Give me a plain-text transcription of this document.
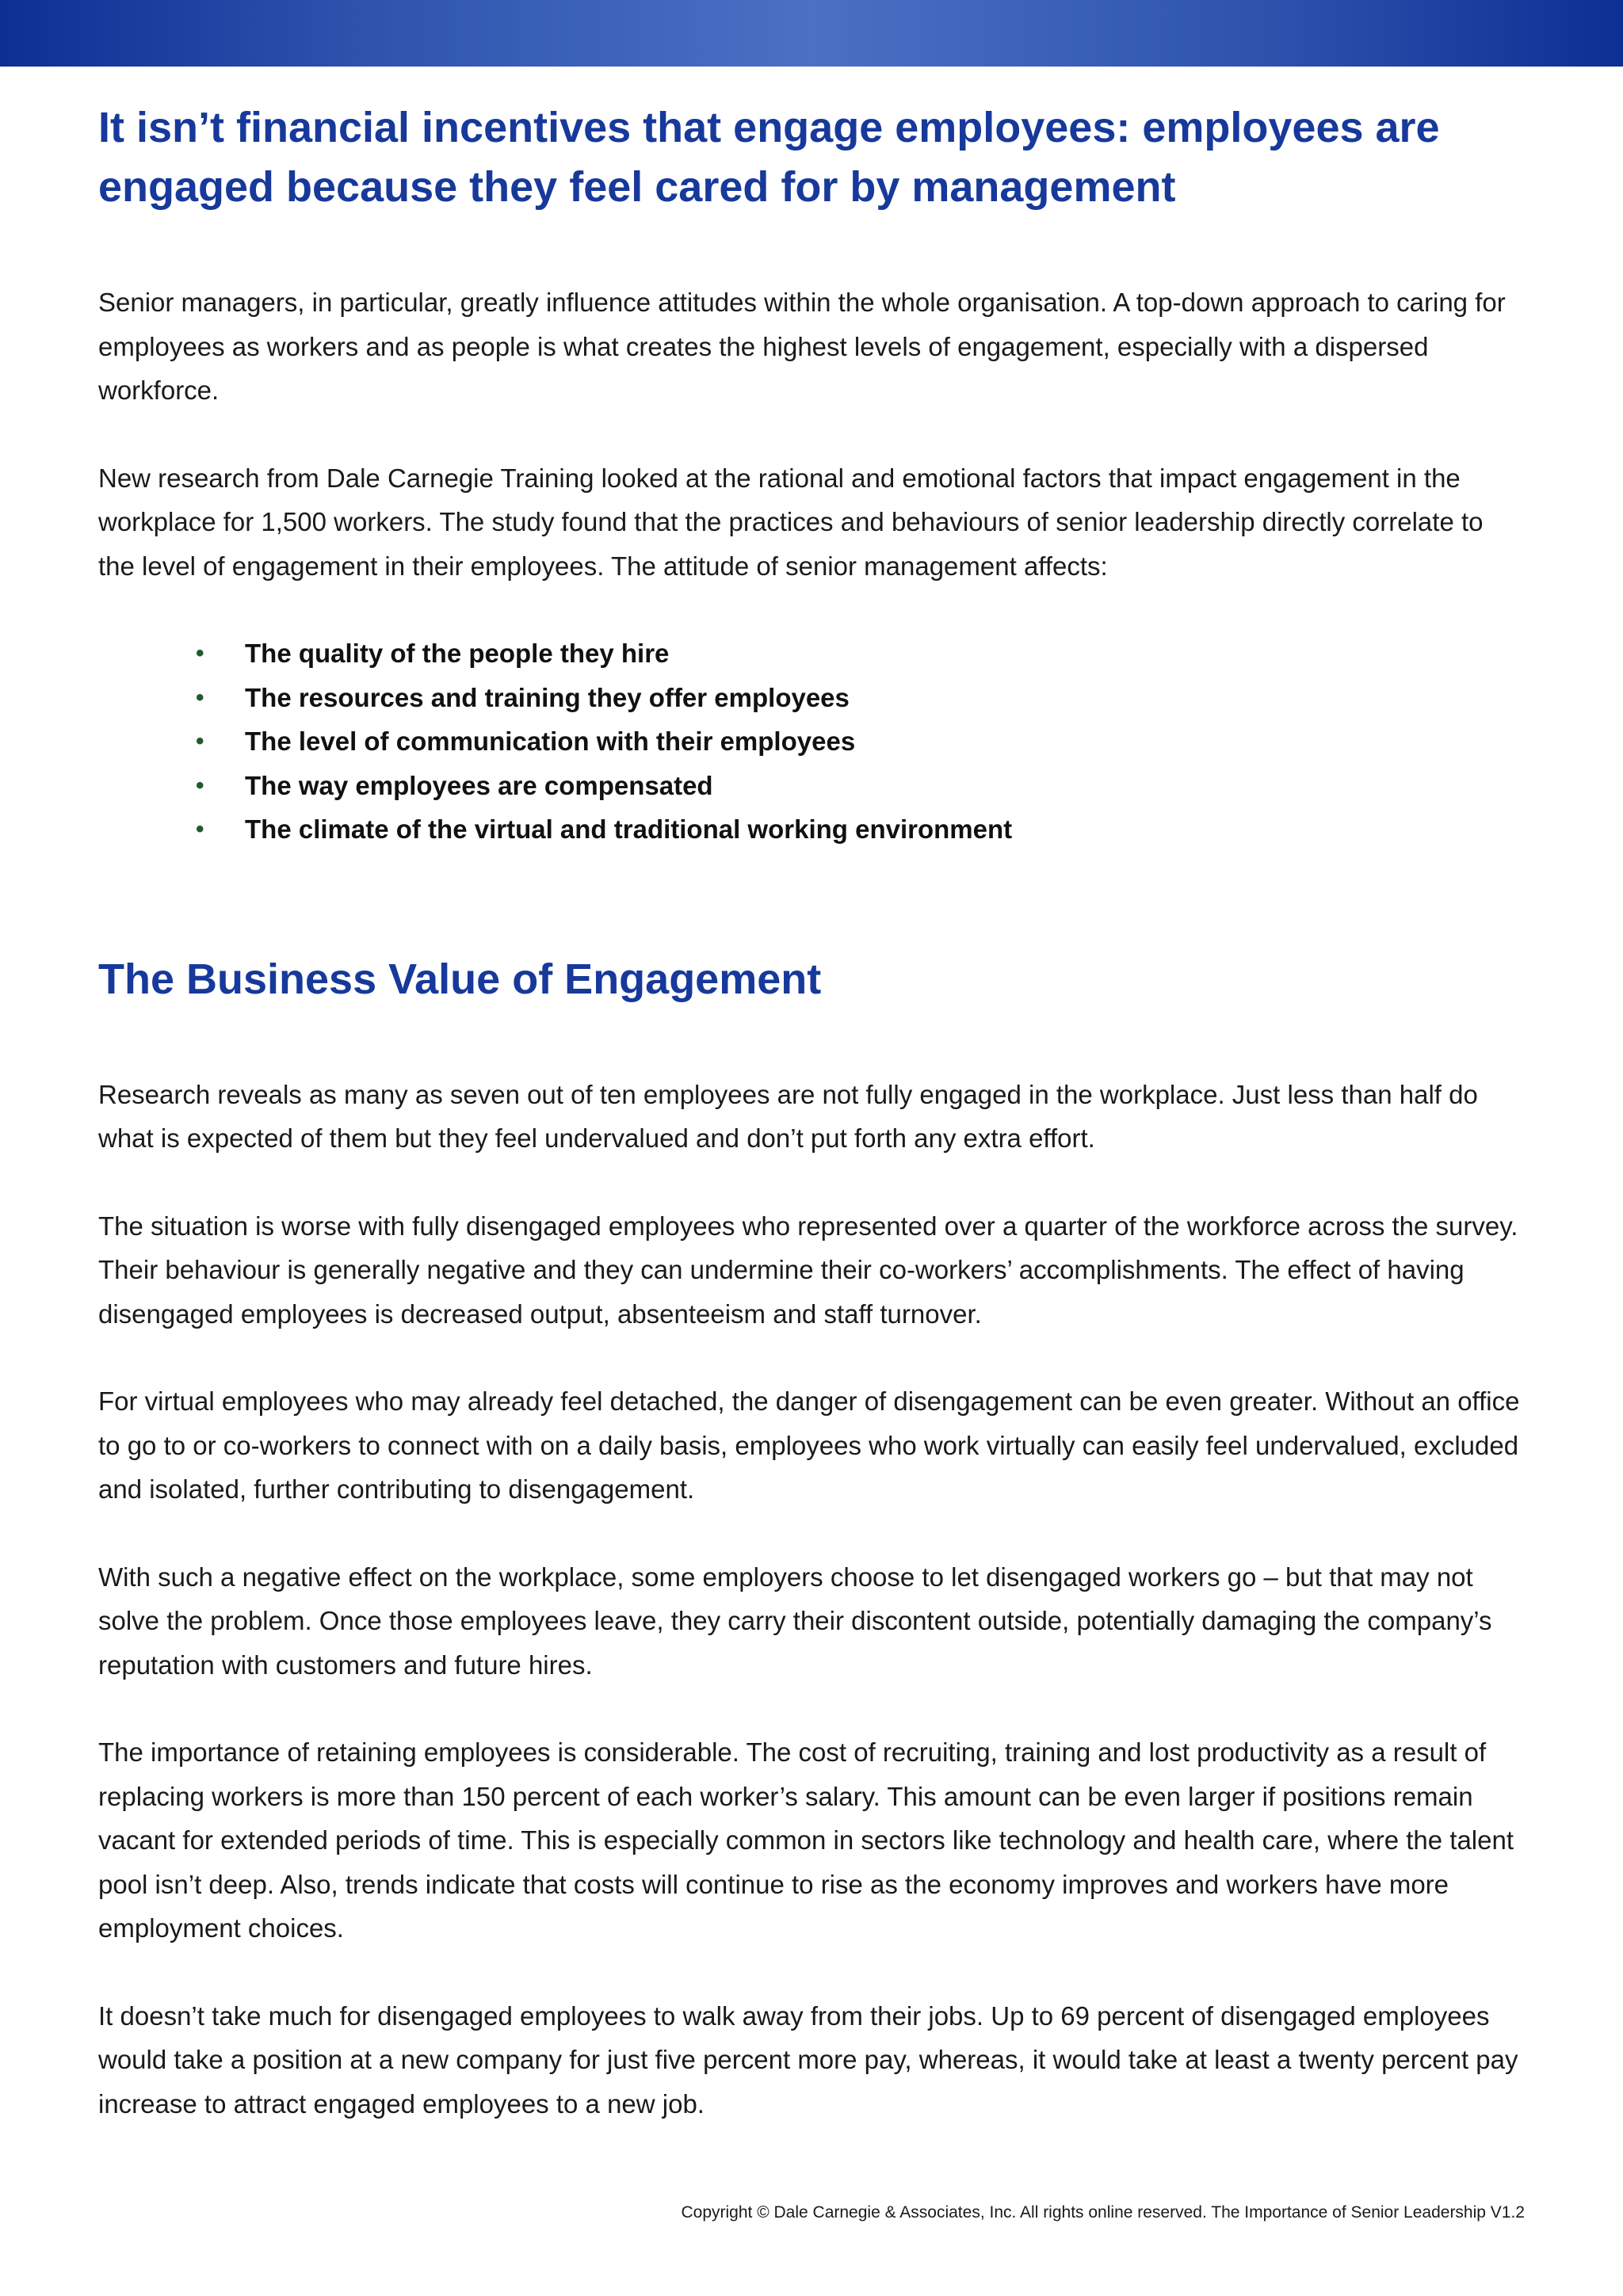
It isn’t financial incentives that engage employees: employees are engaged because they feel cared for by management

Senior managers, in particular, greatly influence attitudes within the whole organisation. A top-down approach to caring for employees as workers and as people is what creates the highest levels of engagement, especially with a dispersed workforce.

New research from Dale Carnegie Training looked at the rational and emotional factors that impact engagement in the workplace for 1,500 workers. The study found that the practices and behaviours of senior leadership directly correlate to the level of engagement in their employees. The attitude of senior management affects:

• The quality of the people they hire
• The resources and training they offer employees
• The level of communication with their employees
• The way employees are compensated
• The climate of the virtual and traditional working environment
The Business Value of Engagement

Research reveals as many as seven out of ten employees are not fully engaged in the workplace. Just less than half do what is expected of them but they feel undervalued and don’t put forth any extra effort.

The situation is worse with fully disengaged employees who represented over a quarter of the workforce across the survey. Their behaviour is generally negative and they can undermine their co-workers’ accomplishments. The effect of having disengaged employees is decreased output, absenteeism and staff turnover.

For virtual employees who may already feel detached, the danger of disengagement can be even greater. Without an office to go to or co-workers to connect with on a daily basis, employees who work virtually can easily feel undervalued, excluded and isolated, further contributing to disengagement.

With such a negative effect on the workplace, some employers choose to let disengaged workers go – but that may not solve the problem. Once those employees leave, they carry their discontent outside, potentially damaging the company’s reputation with customers and future hires.

The importance of retaining employees is considerable. The cost of recruiting, training and lost productivity as a result of replacing workers is more than 150 percent of each worker’s salary. This amount can be even larger if positions remain vacant for extended periods of time. This is especially common in sectors like technology and health care, where the talent pool isn’t deep. Also, trends indicate that costs will continue to rise as the economy improves and workers have more employment choices.

It doesn’t take much for disengaged employees to walk away from their jobs. Up to 69 percent of disengaged employees would take a position at a new company for just five percent more pay, whereas, it would take at least a twenty percent pay increase to attract engaged employees to a new job.

Copyright © Dale Carnegie & Associates, Inc. All rights online reserved. The Importance of Senior Leadership V1.2
